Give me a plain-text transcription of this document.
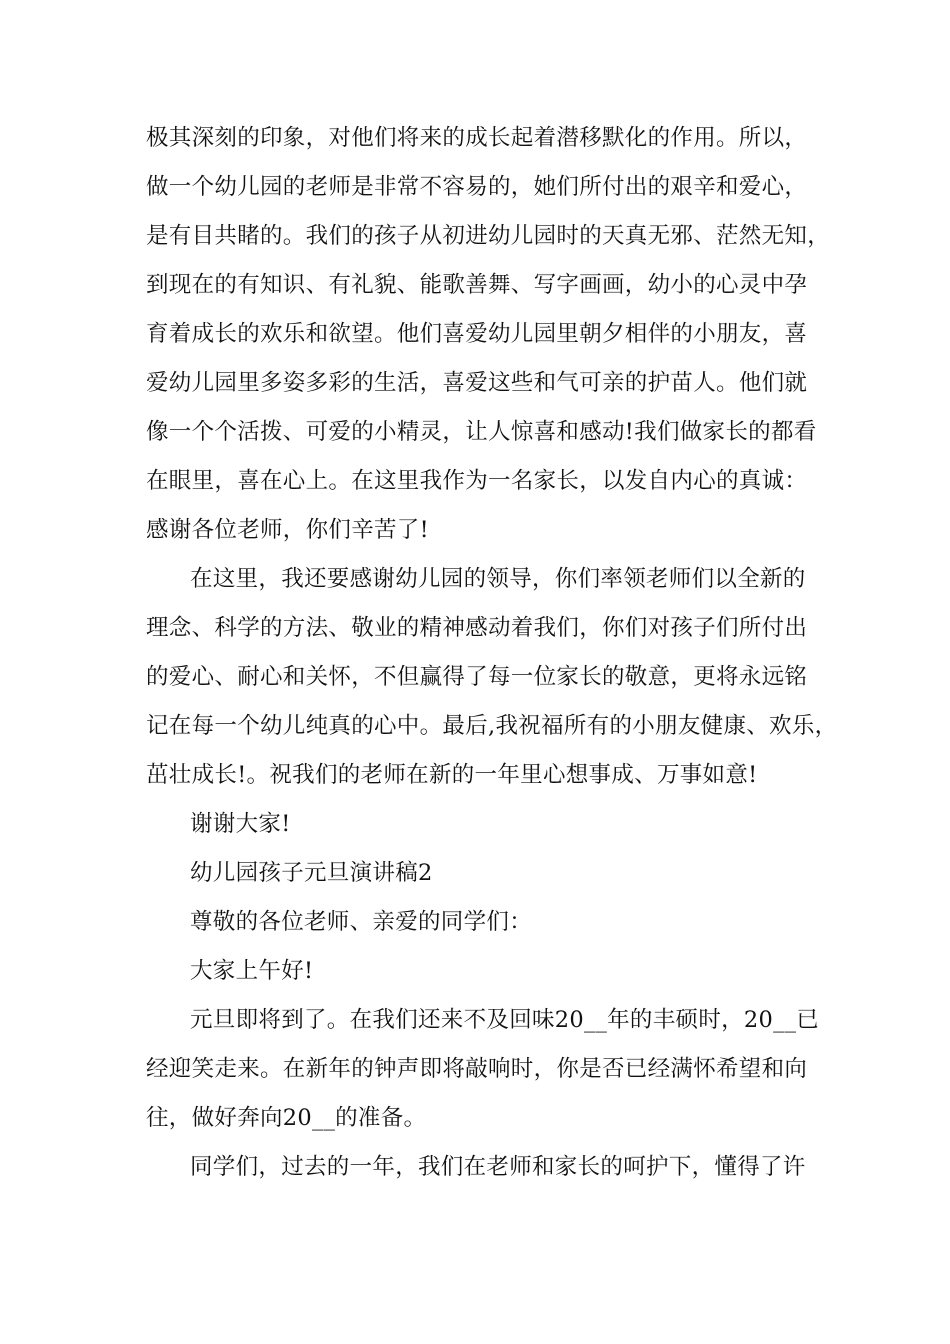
极其深刻的印象，对他们将来的成长起着潜移默化的作用。所以，
做一个幼儿园的老师是非常不容易的，她们所付出的艰辛和爱心，
是有目共睹的。我们的孩子从初进幼儿园时的天真无邪、茫然无知，
到现在的有知识、有礼貌、能歌善舞、写字画画，幼小的心灵中孕
育着成长的欢乐和欲望。他们喜爱幼儿园里朝夕相伴的小朋友，喜
爱幼儿园里多姿多彩的生活，喜爱这些和气可亲的护苗人。他们就
像一个个活拨、可爱的小精灵，让人惊喜和感动!我们做家长的都看
在眼里，喜在心上。在这里我作为一名家长，以发自内心的真诚：
感谢各位老师，你们辛苦了!
在这里，我还要感谢幼儿园的领导，你们率领老师们以全新的
理念、科学的方法、敬业的精神感动着我们，你们对孩子们所付出
的爱心、耐心和关怀，不但赢得了每一位家长的敬意，更将永远铭
记在每一个幼儿纯真的心中。最后,我祝福所有的小朋友健康、欢乐，
茁壮成长!。祝我们的老师在新的一年里心想事成、万事如意!
谢谢大家!
幼儿园孩子元旦演讲稿2
尊敬的各位老师、亲爱的同学们：
大家上午好!
元旦即将到了。在我们还来不及回味20__年的丰硕时，20__已
经迎笑走来。在新年的钟声即将敲响时，你是否已经满怀希望和向
往，做好奔向20__的准备。
同学们，过去的一年，我们在老师和家长的呵护下，懂得了许
